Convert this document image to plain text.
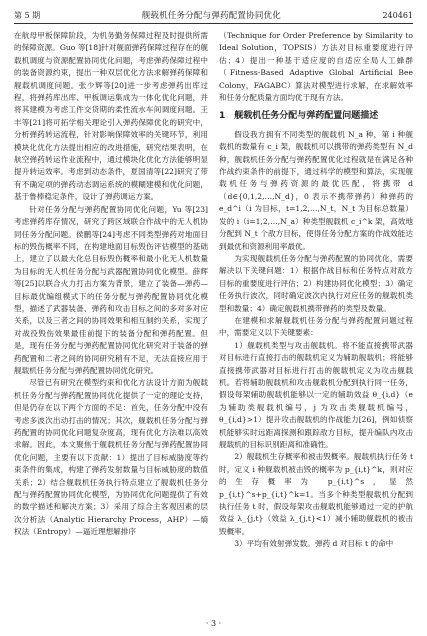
第 5 期	舰载机任务分配与弹药配置协同优化	240461

在航母甲板保障阶段，为机务勤务保障过程及时提供所需的保障资源。Guo 等[18]针对舰面弹药保障过程存在的舰载机调度与资源配置协同优化问题，考虑弹药保障过程中的装备资源约束，提出一种双层优化方法求解弹药保障和舰载机调度问题。张少辉等[20]进一步考虑弹药出库过程，将弹药库出库、甲板调运集成为一体化优化问题，并将其建模为考虑工件交货期的柔性流水车间调度问题。王丰等[21]将可拓学相关理论引入弹药保障优化的研究中，分析弹药转运流程，针对影响保障效率的关键环节，利用模块化优化方法提出相应的改进措施，研究结果表明，在航空弹药转运作业流程中，通过模块化优化方法能够明显提升转运效率。考虑到动态条件，夏国清等[22]研究了带有不确定项的弹药动态调运系统的模糊建模和优化问题，基于鲁棒稳定条件，设计了弹药调运方案。

针对任务分配与弹药配置协同优化问题，Yu 等[23]考虑弹药库存情况，研究了跨区域联合作战中的无人机协同任务分配问题。侯鹏等[24]考虑不同类型弹药对地面目标的毁伤概率不同，在构建地面目标毁伤评估模型的基础上，建立了以最大化总目标毁伤概率和最小化无人机数量为目标的无人机任务分配与武器配置协同优化模型。薛辉等[25]以联合火力打击方案为背景，建立了装备—弹药—目标最优编组模式下的任务分配与弹药配置协同优化模型，描述了武器装备、弹药和攻击目标之间的多对多对应关系，以及三者之间的协同效果和相互制约关系，实现了对战役毁伤效果最佳前提下的装备分配和弹药配置。但是，现有任务分配与弹药配置协同优化研究对于装备的弹药配置和二者之间的协同研究稍有不足，无法直接应用于舰载机任务分配与弹药配置协同优化研究。

尽管已有研究在模型约束和优化方法设计方面为舰载机任务分配与弹药配置协同优化提供了一定的理论支持，但是仍存在以下两个方面的不足：首先，任务分配中没有考虑多波次出动打击的情况；其次，舰载机任务分配与弹药配置的协同优化问题复杂度高，现有优化方法难以高效求解。因此，本文聚焦于舰载机任务分配与弹药配置协同优化问题，主要有以下贡献：1）提出了目标威胁度等约束条件的集成，构建了弹药发射数量与目标威胁度的数值关系；2）结合舰载机任务执行特点建立了舰载机任务分配与弹药配置协同优化模型，为协同优化问题提供了有效的数学描述和解决方案；3）采用了综合主客观因素的层次分析法（Analytic Hierarchy Process，AHP）—熵权法（Entropy）—逼近理想解排序

（Technique for Order Preference by Similarity to Ideal Solution，TOPSIS）方法对目标重要度进行评估；4）提出一种基于适应度的自适应全局人工蜂群（Fitness-Based Adaptive Global Artificial Bee Colony，FAGABC）算法对模型进行求解，在求解效率和任务分配质量方面均优于现有方法。

1　舰载机任务分配与弹药配置问题描述

假设我方拥有不同类型的舰载机 N_a 种，第 i 种舰载机的数量有 c_i 架，舰载机可以携带的弹药类型有 N_d 种，舰载机任务分配与弹药配置优化过程就是在满足各种作战约束条件的前提下，通过科学的模型和算法，实现舰载机任务与弹药资源的最优匹配，将携带 d（d∈{0,1,2,…,N_d}，0 表示不携带弹药）种弹药的 e_d^i（i 为目标，t=1,2,…,N_t，N_t 为目标总数量）发的 i（i=1,2,…,N_a）种类型舰载机 c_i^k 架，高效地分配到 N_t 个敌方目标，使得任务分配方案的作战效能达到最优和资源利用率最优。

为实现舰载机任务分配与弹药配置的协同优化，需要解决以下关键问题：1）根据作战目标和任务特点对敌方目标的重要度进行评估；2）构建协同优化模型；3）确定任务执行波次，同时确定波次内执行对应任务的舰载机类型和数量；4）确定舰载机携带弹药的类型及数量。

在建模和求解舰载机任务分配与弹药配置问题过程中，需要定义以下关键要素：

1）舰载机类型与攻击舰载机。将不能直接携带武器对目标进行直接打击的舰载机定义为辅助舰载机；将能够直接携带武器对目标进行打击的舰载机定义为攻击舰载机。若将辅助舰载机和攻击舰载机分配到执行同一任务，假设每架辅助舰载机能够以一定的辅助效益 θ_{i,d}（e 为辅助类舰载机编号，j 为攻击类舰载机编号，θ_{i,d}>1）提升攻击舰载机的作战能力[26]，例如侦察机能够实时远距离探测和跟踪敌方目标，提升编队内攻击舰载机的目标识别距离和准确性。

2）舰载机生存概率和被击毁概率。舰载机执行任务 t 时，定义 i 种舰载机被击毁的概率为 p_{i,t}^k，则对应的生存概率为 p_{i,t}^s，显然 p_{i,t}^s+p_{i,t}^k=1。当多个种类型舰载机分配到执行任务 t 时，假设每架攻击舰载机能够通过一定的护航效益 λ_{j,t}（效益 λ_{j,t}<1）减小辅助舰载机的被击毁概率。

3）平均有效射弹发数。弹药 d 对目标 t 的命中

· 3 ·
